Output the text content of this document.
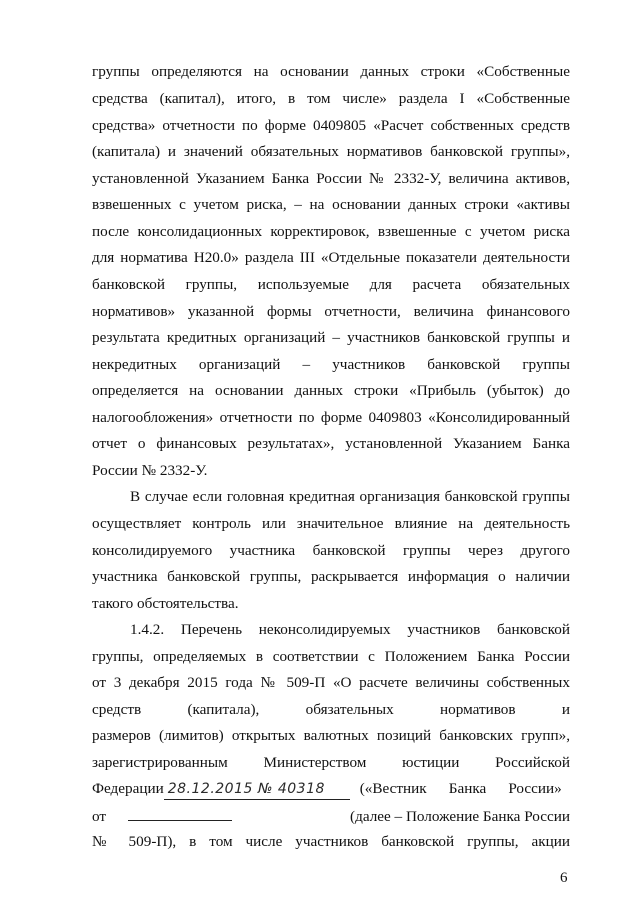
группы определяются на основании данных строки «Собственные
средства (капитал), итого, в том числе» раздела I «Собственные
средства» отчетности по форме 0409805 «Расчет собственных средств
(капитала) и значений обязательных нормативов банковской группы»,
установленной Указанием Банка России № 2332-У, величина активов,
взвешенных с учетом риска, – на основании данных строки «активы
после консолидационных корректировок, взвешенные с учетом риска
для норматива Н20.0» раздела III «Отдельные показатели деятельности
банковской группы, используемые для расчета обязательных
нормативов» указанной формы отчетности, величина финансового
результата кредитных организаций – участников банковской группы и
некредитных организаций – участников банковской группы
определяется на основании данных строки «Прибыль (убыток) до
налогообложения» отчетности по форме 0409803 «Консолидированный
отчет о финансовых результатах», установленной Указанием Банка
России № 2332-У.
В случае если головная кредитная организация банковской группы
осуществляет контроль или значительное влияние на деятельность
консолидируемого участника банковской группы через другого
участника банковской группы, раскрывается информация о наличии
такого обстоятельства.
1.4.2. Перечень неконсолидируемых участников банковской
группы, определяемых в соответствии с Положением Банка России
от 3 декабря 2015 года № 509-П «О расчете величины собственных
средств (капитала), обязательных нормативов и
размеров (лимитов) открытых валютных позиций банковских групп»,
зарегистрированным Министерством юстиции Российской
Федерации 28.12.2015 № 40318 («Вестник Банка России»
от	(далее – Положение Банка России
№ 509-П), в том числе участников банковской группы, акции
6
